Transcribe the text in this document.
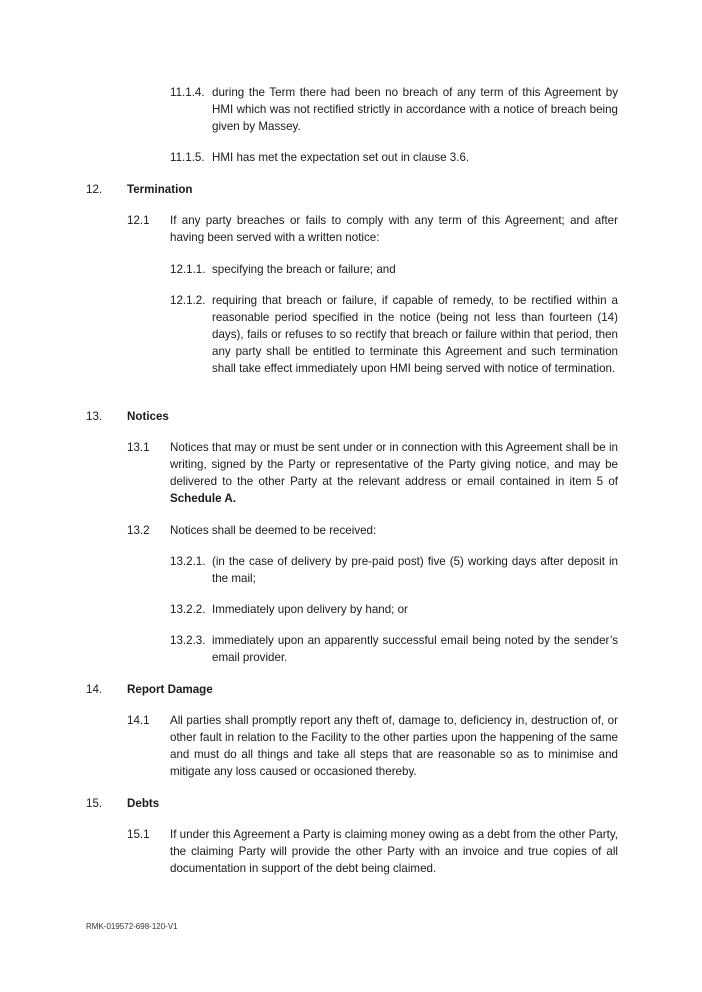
11.1.4. during the Term there had been no breach of any term of this Agreement by HMI which was not rectified strictly in accordance with a notice of breach being given by Massey.
11.1.5. HMI has met the expectation set out in clause 3.6.
12. Termination
12.1 If any party breaches or fails to comply with any term of this Agreement; and after having been served with a written notice:
12.1.1. specifying the breach or failure; and
12.1.2. requiring that breach or failure, if capable of remedy, to be rectified within a reasonable period specified in the notice (being not less than fourteen (14) days), fails or refuses to so rectify that breach or failure within that period, then any party shall be entitled to terminate this Agreement and such termination shall take effect immediately upon HMI being served with notice of termination.
13. Notices
13.1 Notices that may or must be sent under or in connection with this Agreement shall be in writing, signed by the Party or representative of the Party giving notice, and may be delivered to the other Party at the relevant address or email contained in item 5 of Schedule A.
13.2 Notices shall be deemed to be received:
13.2.1. (in the case of delivery by pre-paid post) five (5) working days after deposit in the mail;
13.2.2. Immediately upon delivery by hand; or
13.2.3. immediately upon an apparently successful email being noted by the sender’s email provider.
14. Report Damage
14.1 All parties shall promptly report any theft of, damage to, deficiency in, destruction of, or other fault in relation to the Facility to the other parties upon the happening of the same and must do all things and take all steps that are reasonable so as to minimise and mitigate any loss caused or occasioned thereby.
15. Debts
15.1 If under this Agreement a Party is claiming money owing as a debt from the other Party, the claiming Party will provide the other Party with an invoice and true copies of all documentation in support of the debt being claimed.
RMK-019572-698-120-V1
